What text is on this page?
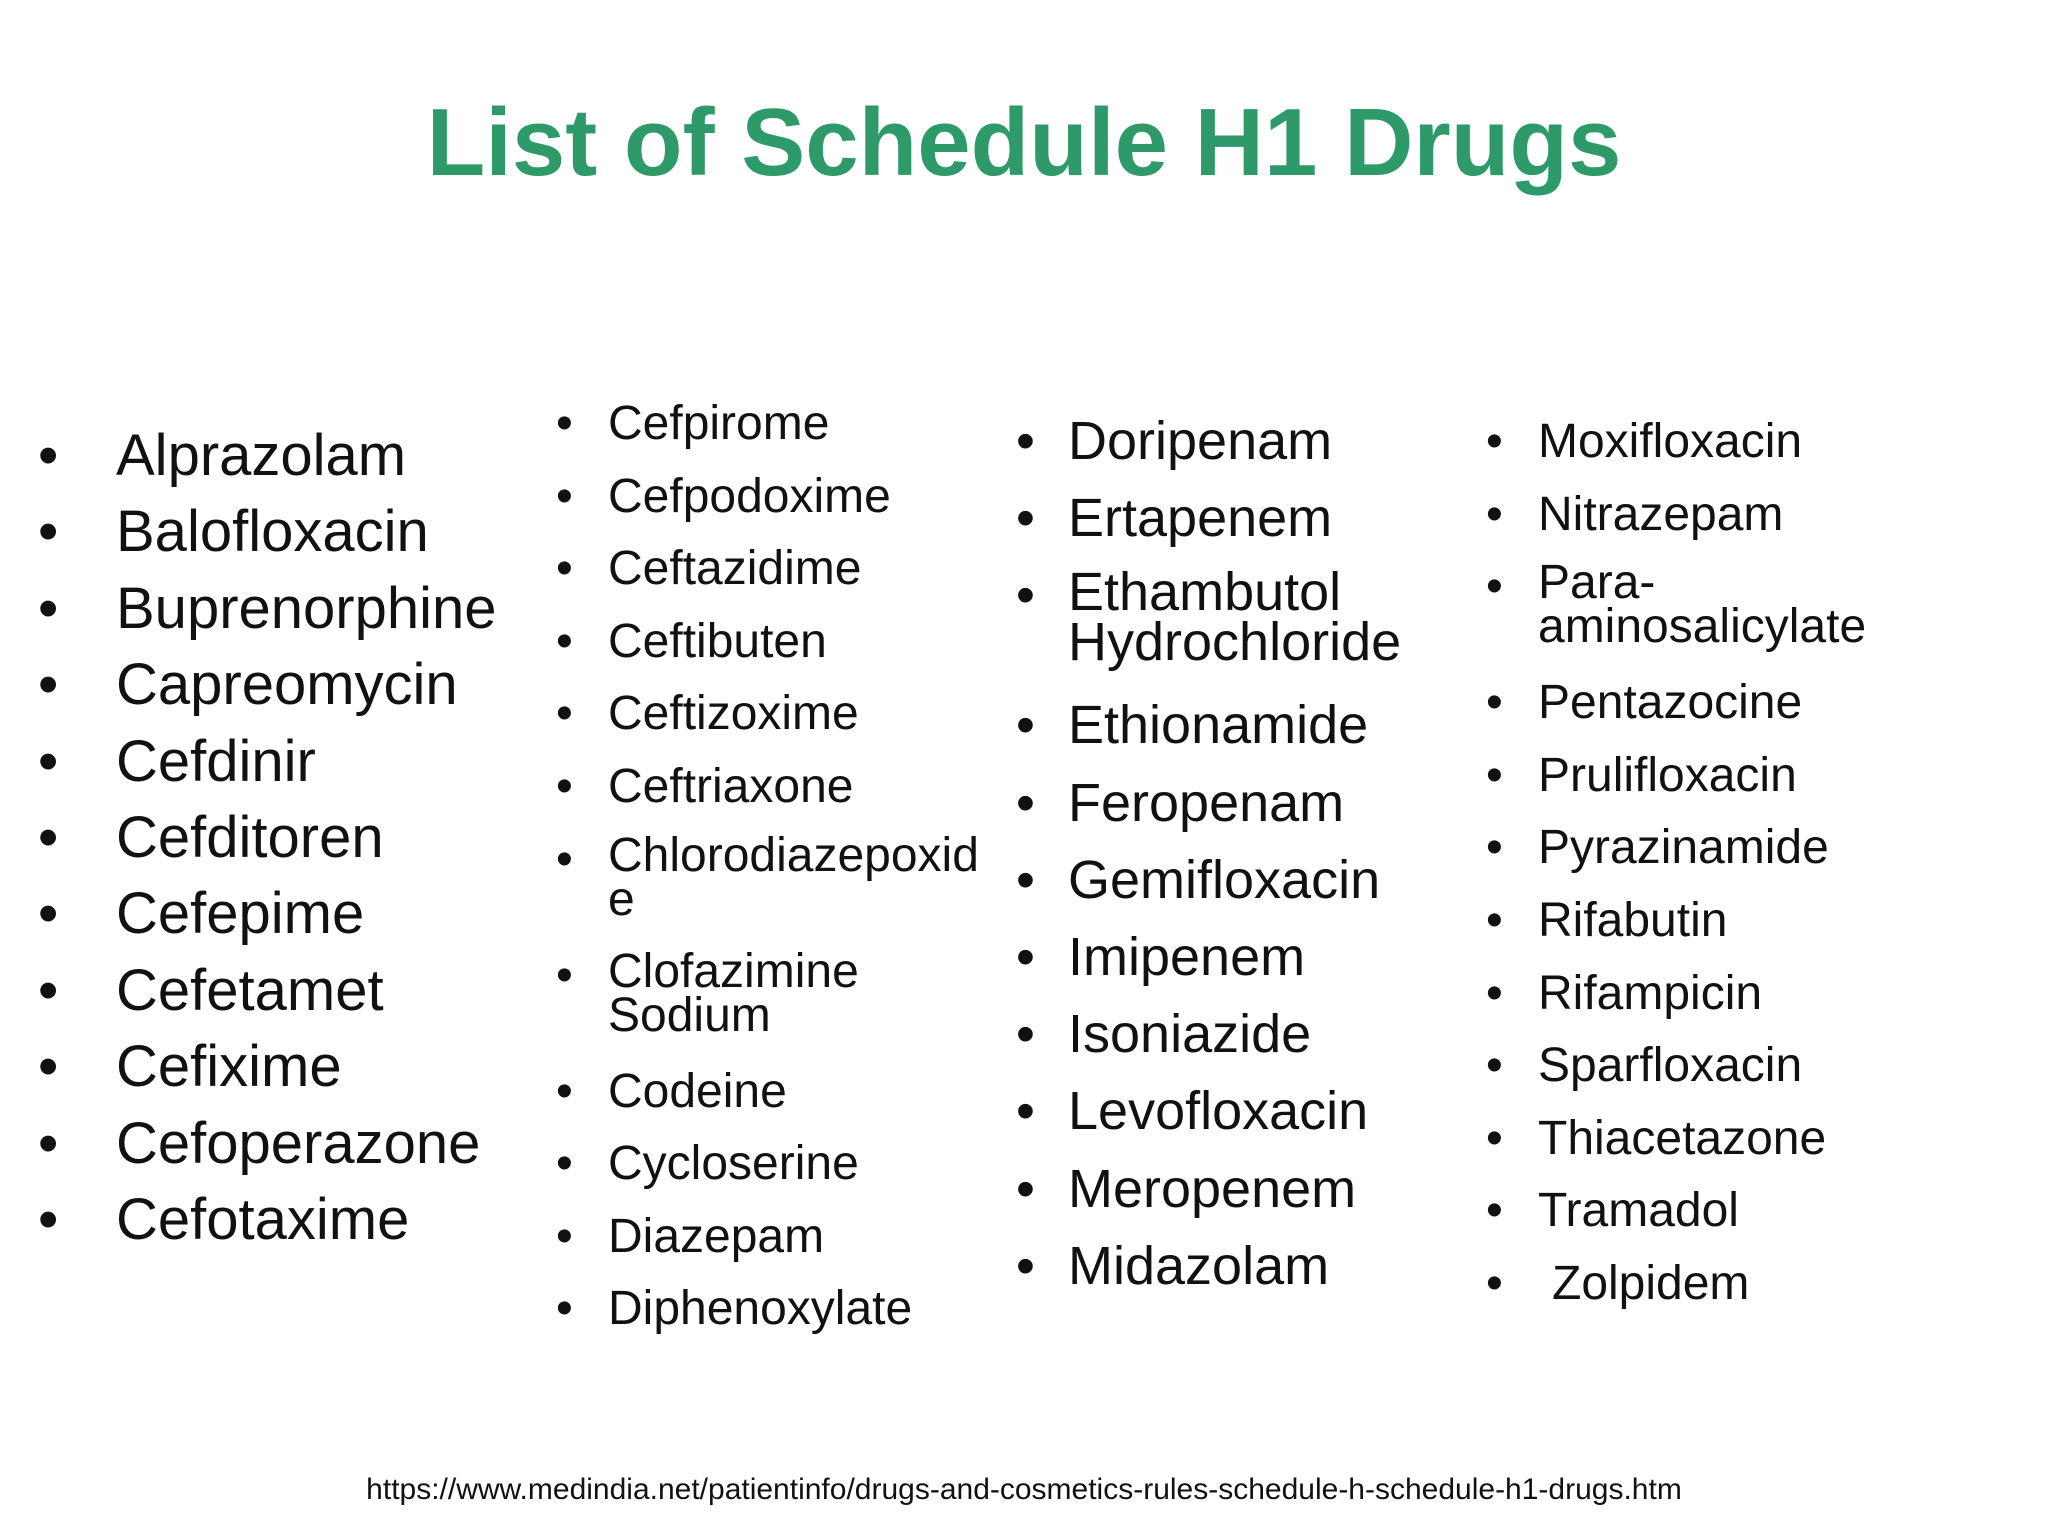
List of Schedule H1 Drugs
• Alprazolam
• Balofloxacin
• Buprenorphine
• Capreomycin
• Cefdinir
• Cefditoren
• Cefepime
• Cefetamet
• Cefixime
• Cefoperazone
• Cefotaxime
• Cefpirome
• Cefpodoxime
• Ceftazidime
• Ceftibuten
• Ceftizoxime
• Ceftriaxone
• Chlorodiazepoxide
• Clofazimine Sodium
• Codeine
• Cycloserine
• Diazepam
• Diphenoxylate
• Doripenam
• Ertapenem
• Ethambutol Hydrochloride
• Ethionamide
• Feropenam
• Gemifloxacin
• Imipenem
• Isoniazide
• Levofloxacin
• Meropenem
• Midazolam
• Moxifloxacin
• Nitrazepam
• Para-aminosalicylate
• Pentazocine
• Prulifloxacin
• Pyrazinamide
• Rifabutin
• Rifampicin
• Sparfloxacin
• Thiacetazone
• Tramadol
• Zolpidem
https://www.medindia.net/patientinfo/drugs-and-cosmetics-rules-schedule-h-schedule-h1-drugs.htm
